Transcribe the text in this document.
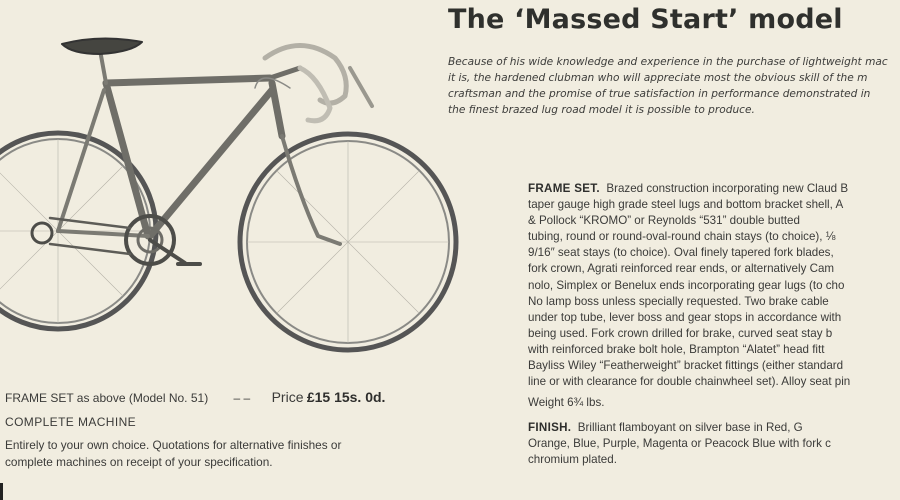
The ‘Massed Start’ model
Because of his wide knowledge and experience in the purchase of lightweight mac
it is, the hardened clubman who will appreciate most the obvious skill of the m
craftsman and the promise of true satisfaction in performance demonstrated in
the finest brazed lug road model it is possible to produce.
FRAME SET. Brazed construction incorporating new Claud B
taper gauge high grade steel lugs and bottom bracket shell, A
& Pollock “KROMO” or Reynolds “531” double butted
tubing, round or round-oval-round chain stays (to choice), ⅛
9/16″ seat stays (to choice). Oval finely tapered fork blades,
fork crown, Agrati reinforced rear ends, or alternatively Cam
nolo, Simplex or Benelux ends incorporating gear lugs (to cho
No lamp boss unless specially requested. Two brake cable
under top tube, lever boss and gear stops in accordance with
being used. Fork crown drilled for brake, curved seat stay b
with reinforced brake bolt hole, Brampton “Alatet” head fitt
Bayliss Wiley “Featherweight” bracket fittings (either standard
line or with clearance for double chainwheel set). Alloy seat pin
Weight 6¾ lbs.
FINISH. Brilliant flamboyant on silver base in Red, G
Orange, Blue, Purple, Magenta or Peacock Blue with fork c
chromium plated.
FRAME SET as above (Model No. 51) – – Price £15 15s. 0d.
COMPLETE MACHINE
Entirely to your own choice. Quotations for alternative finishes or
complete machines on receipt of your specification.
